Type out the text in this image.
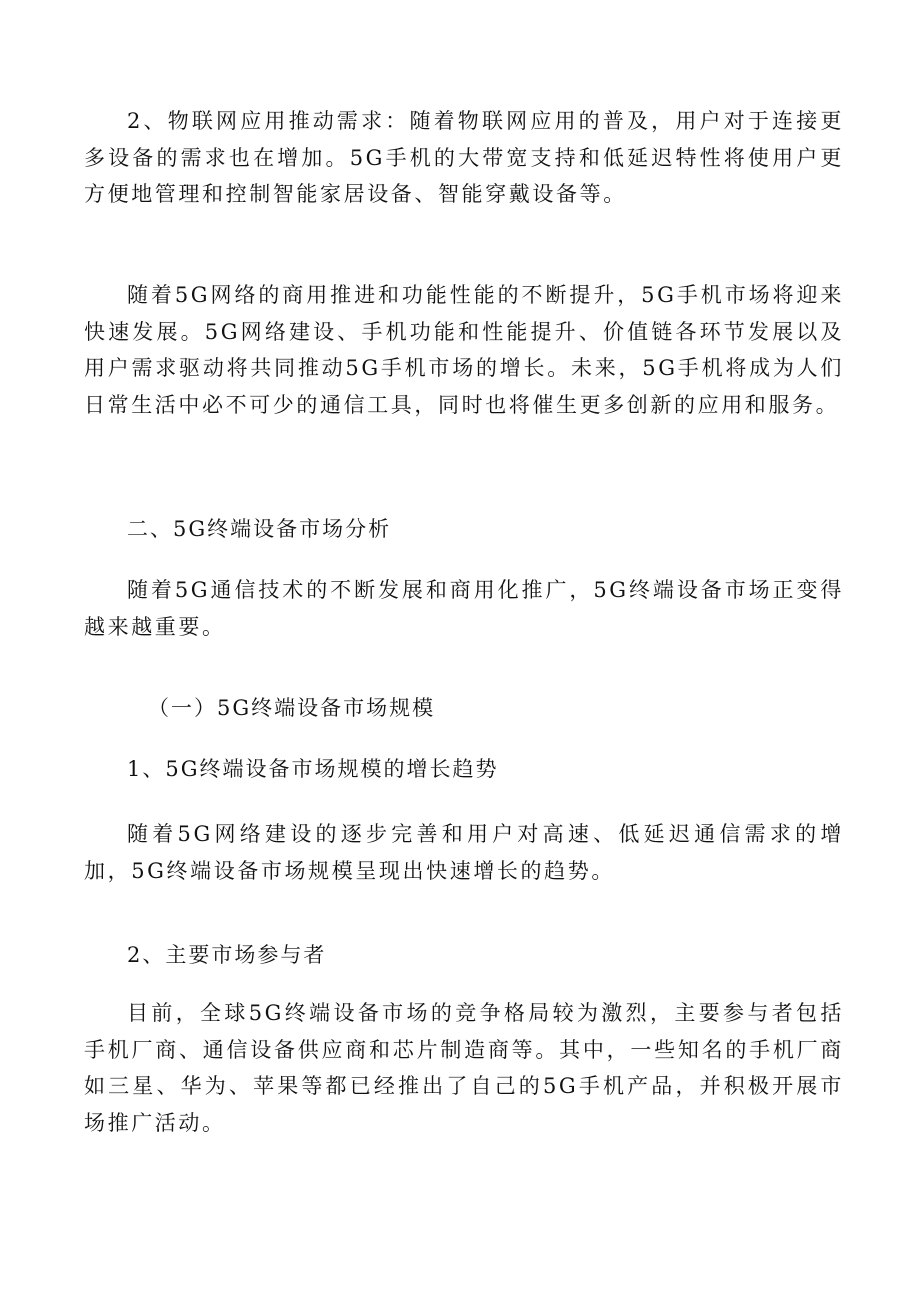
2、物联网应用推动需求：随着物联网应用的普及，用户对于连接更多设备的需求也在增加。5G手机的大带宽支持和低延迟特性将使用户更方便地管理和控制智能家居设备、智能穿戴设备等。

随着5G网络的商用推进和功能性能的不断提升，5G手机市场将迎来快速发展。5G网络建设、手机功能和性能提升、价值链各环节发展以及用户需求驱动将共同推动5G手机市场的增长。未来，5G手机将成为人们日常生活中必不可少的通信工具，同时也将催生更多创新的应用和服务。

二、5G终端设备市场分析

随着5G通信技术的不断发展和商用化推广，5G终端设备市场正变得越来越重要。

（一）5G终端设备市场规模

1、5G终端设备市场规模的增长趋势

随着5G网络建设的逐步完善和用户对高速、低延迟通信需求的增加，5G终端设备市场规模呈现出快速增长的趋势。

2、主要市场参与者

目前，全球5G终端设备市场的竞争格局较为激烈，主要参与者包括手机厂商、通信设备供应商和芯片制造商等。其中，一些知名的手机厂商如三星、华为、苹果等都已经推出了自己的5G手机产品，并积极开展市场推广活动。
